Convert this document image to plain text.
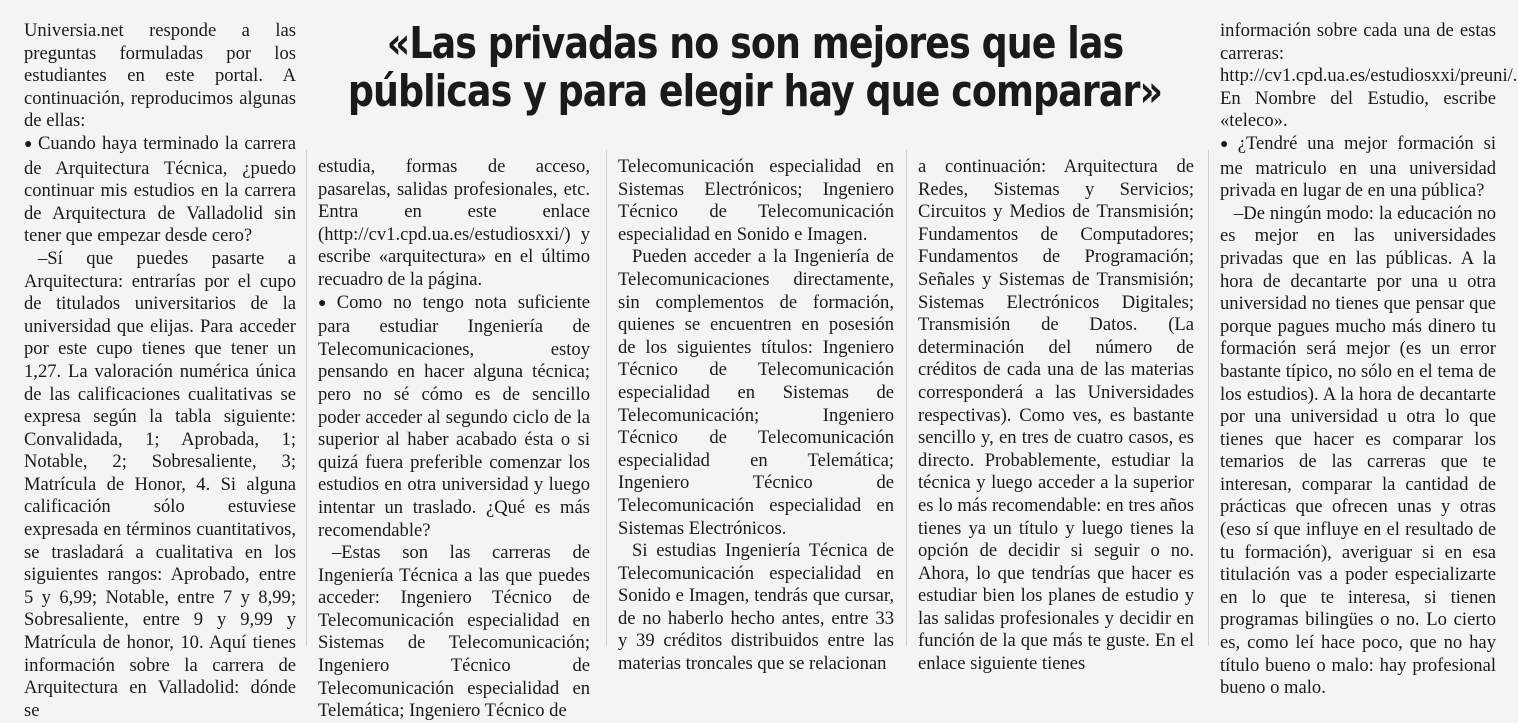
«Las privadas no son mejores que las
públicas y para elegir hay que comparar»

Universia.net responde a las preguntas formuladas por los estudiantes en este portal. A continuación, reproducimos algunas de ellas:

● Cuando haya terminado la carrera de Arquitectura Técnica, ¿puedo continuar mis estudios en la carrera de Arquitectura de Valladolid sin tener que empezar desde cero?

–Sí que puedes pasarte a Arquitectura: entrarías por el cupo de titulados universitarios de la universidad que elijas. Para acceder por este cupo tienes que tener un 1,27. La valoración numérica única de las calificaciones cualitativas se expresa según la tabla siguiente: Convalidada, 1; Aprobada, 1; Notable, 2; Sobresaliente, 3; Matrícula de Honor, 4. Si alguna calificación sólo estuviese expresada en términos cuantitativos, se trasladará a cualitativa en los siguientes rangos: Aprobado, entre 5 y 6,99; Notable, entre 7 y 8,99; Sobresaliente, entre 9 y 9,99 y Matrícula de honor, 10. Aquí tienes información sobre la carrera de Arquitectura en Valladolid: dónde se

estudia, formas de acceso, pasarelas, salidas profesionales, etc. Entra en este enlace (http://cv1.cpd.ua.es/estudiosxxi/) y escribe «arquitectura» en el último recuadro de la página.

● Como no tengo nota suficiente para estudiar Ingeniería de Telecomunicaciones, estoy pensando en hacer alguna técnica; pero no sé cómo es de sencillo poder acceder al segundo ciclo de la superior al haber acabado ésta o si quizá fuera preferible comenzar los estudios en otra universidad y luego intentar un traslado. ¿Qué es más recomendable?

–Estas son las carreras de Ingeniería Técnica a las que puedes acceder: Ingeniero Técnico de Telecomunicación especialidad en Sistemas de Telecomunicación; Ingeniero Técnico de Telecomunicación especialidad en Telemática; Ingeniero Técnico de

Telecomunicación especialidad en Sistemas Electrónicos; Ingeniero Técnico de Telecomunicación especialidad en Sonido e Imagen.

Pueden acceder a la Ingeniería de Telecomunicaciones directamente, sin complementos de formación, quienes se encuentren en posesión de los siguientes títulos: Ingeniero Técnico de Telecomunicación especialidad en Sistemas de Telecomunicación; Ingeniero Técnico de Telecomunicación especialidad en Telemática; Ingeniero Técnico de Telecomunicación especialidad en Sistemas Electrónicos.

Si estudias Ingeniería Técnica de Telecomunicación especialidad en Sonido e Imagen, tendrás que cursar, de no haberlo hecho antes, entre 33 y 39 créditos distribuidos entre las materias troncales que se relacionan

a continuación: Arquitectura de Redes, Sistemas y Servicios; Circuitos y Medios de Transmisión; Fundamentos de Computadores; Fundamentos de Programación; Señales y Sistemas de Transmisión; Sistemas Electrónicos Digitales; Transmisión de Datos. (La determinación del número de créditos de cada una de las materias corresponderá a las Universidades respectivas). Como ves, es bastante sencillo y, en tres de cuatro casos, es directo. Probablemente, estudiar la técnica y luego acceder a la superior es lo más recomendable: en tres años tienes ya un título y luego tienes la opción de decidir si seguir o no. Ahora, lo que tendrías que hacer es estudiar bien los planes de estudio y las salidas profesionales y decidir en función de la que más te guste. En el enlace siguiente tienes

información sobre cada una de estas carreras: http://cv1.cpd.ua.es/estudiosxxi/preuni/. En Nombre del Estudio, escribe «teleco».

● ¿Tendré una mejor formación si me matriculo en una universidad privada en lugar de en una pública?

–De ningún modo: la educación no es mejor en las universidades privadas que en las públicas. A la hora de decantarte por una u otra universidad no tienes que pensar que porque pagues mucho más dinero tu formación será mejor (es un error bastante típico, no sólo en el tema de los estudios). A la hora de decantarte por una universidad u otra lo que tienes que hacer es comparar los temarios de las carreras que te interesan, comparar la cantidad de prácticas que ofrecen unas y otras (eso sí que influye en el resultado de tu formación), averiguar si en esa titulación vas a poder especializarte en lo que te interesa, si tienen programas bilingües o no. Lo cierto es, como leí hace poco, que no hay título bueno o malo: hay profesional bueno o malo.
